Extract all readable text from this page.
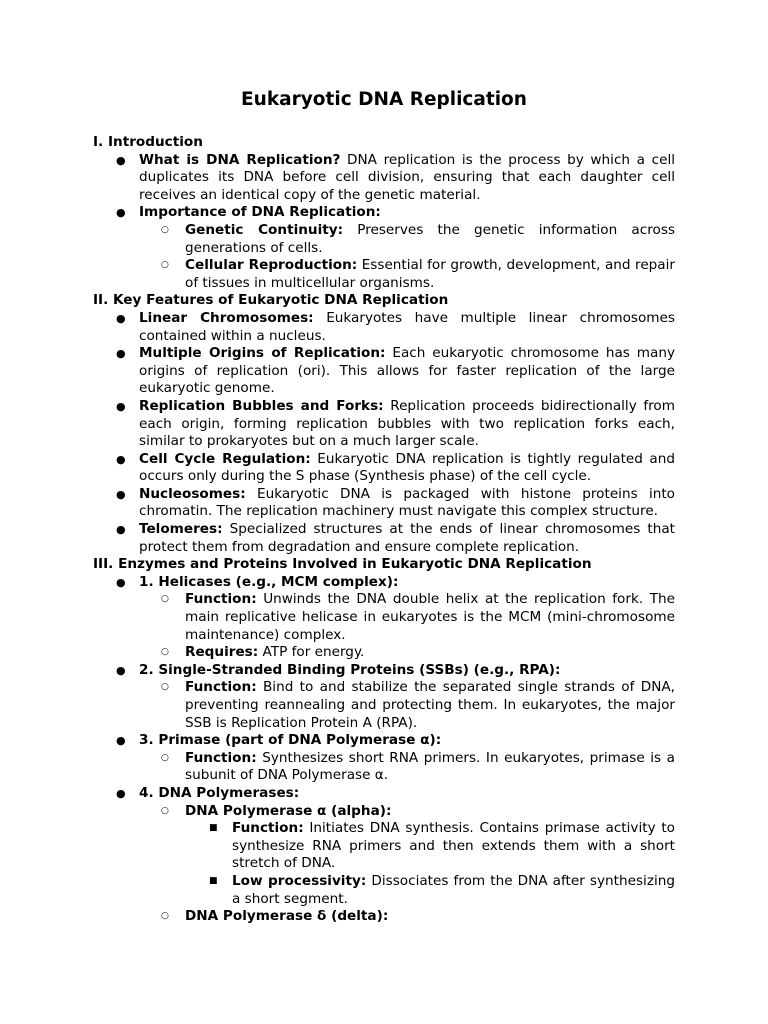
Eukaryotic DNA Replication
I. Introduction
● What is DNA Replication? DNA replication is the process by which a cell duplicates its DNA before cell division, ensuring that each daughter cell receives an identical copy of the genetic material.
● Importance of DNA Replication:
○ Genetic Continuity: Preserves the genetic information across generations of cells.
○ Cellular Reproduction: Essential for growth, development, and repair of tissues in multicellular organisms.
II. Key Features of Eukaryotic DNA Replication
● Linear Chromosomes: Eukaryotes have multiple linear chromosomes contained within a nucleus.
● Multiple Origins of Replication: Each eukaryotic chromosome has many origins of replication (ori). This allows for faster replication of the large eukaryotic genome.
● Replication Bubbles and Forks: Replication proceeds bidirectionally from each origin, forming replication bubbles with two replication forks each, similar to prokaryotes but on a much larger scale.
● Cell Cycle Regulation: Eukaryotic DNA replication is tightly regulated and occurs only during the S phase (Synthesis phase) of the cell cycle.
● Nucleosomes: Eukaryotic DNA is packaged with histone proteins into chromatin. The replication machinery must navigate this complex structure.
● Telomeres: Specialized structures at the ends of linear chromosomes that protect them from degradation and ensure complete replication.
III. Enzymes and Proteins Involved in Eukaryotic DNA Replication
● 1. Helicases (e.g., MCM complex):
○ Function: Unwinds the DNA double helix at the replication fork. The main replicative helicase in eukaryotes is the MCM (mini-chromosome maintenance) complex.
○ Requires: ATP for energy.
● 2. Single-Stranded Binding Proteins (SSBs) (e.g., RPA):
○ Function: Bind to and stabilize the separated single strands of DNA, preventing reannealing and protecting them. In eukaryotes, the major SSB is Replication Protein A (RPA).
● 3. Primase (part of DNA Polymerase α):
○ Function: Synthesizes short RNA primers. In eukaryotes, primase is a subunit of DNA Polymerase α.
● 4. DNA Polymerases:
○ DNA Polymerase α (alpha):
■ Function: Initiates DNA synthesis. Contains primase activity to synthesize RNA primers and then extends them with a short stretch of DNA.
■ Low processivity: Dissociates from the DNA after synthesizing a short segment.
○ DNA Polymerase δ (delta):
